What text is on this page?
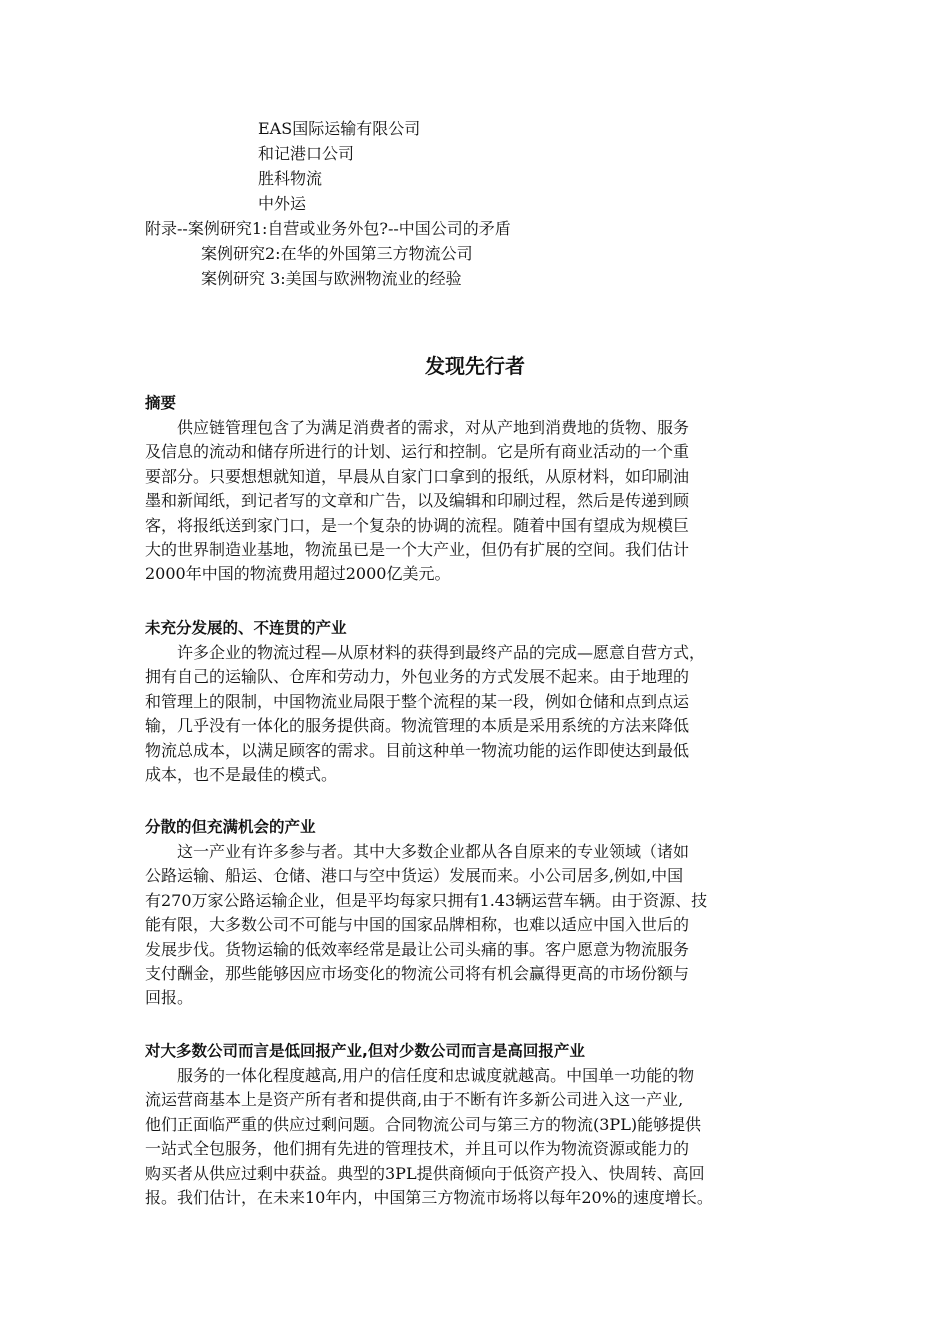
EAS国际运输有限公司
和记港口公司
胜科物流
中外运
附录--案例研究1:自营或业务外包?--中国公司的矛盾
案例研究2:在华的外国第三方物流公司
案例研究 3:美国与欧洲物流业的经验
发现先行者
摘要
供应链管理包含了为满足消费者的需求，对从产地到消费地的货物、服务
及信息的流动和储存所进行的计划、运行和控制。它是所有商业活动的一个重
要部分。只要想想就知道，早晨从自家门口拿到的报纸，从原材料，如印刷油
墨和新闻纸，到记者写的文章和广告，以及编辑和印刷过程，然后是传递到顾
客，将报纸送到家门口，是一个复杂的协调的流程。随着中国有望成为规模巨
大的世界制造业基地，物流虽已是一个大产业，但仍有扩展的空间。我们估计
2000年中国的物流费用超过2000亿美元。
未充分发展的、不连贯的产业
许多企业的物流过程—从原材料的获得到最终产品的完成—愿意自营方式，
拥有自己的运输队、仓库和劳动力，外包业务的方式发展不起来。由于地理的
和管理上的限制，中国物流业局限于整个流程的某一段，例如仓储和点到点运
输，几乎没有一体化的服务提供商。物流管理的本质是采用系统的方法来降低
物流总成本，以满足顾客的需求。目前这种单一物流功能的运作即使达到最低
成本，也不是最佳的模式。
分散的但充满机会的产业
这一产业有许多参与者。其中大多数企业都从各自原来的专业领域（诸如
公路运输、船运、仓储、港口与空中货运）发展而来。小公司居多,例如,中国
有270万家公路运输企业，但是平均每家只拥有1.43辆运营车辆。由于资源、技
能有限，大多数公司不可能与中国的国家品牌相称，也难以适应中国入世后的
发展步伐。货物运输的低效率经常是最让公司头痛的事。客户愿意为物流服务
支付酬金，那些能够因应市场变化的物流公司将有机会赢得更高的市场份额与
回报。
对大多数公司而言是低回报产业,但对少数公司而言是高回报产业
服务的一体化程度越高,用户的信任度和忠诚度就越高。中国单一功能的物
流运营商基本上是资产所有者和提供商,由于不断有许多新公司进入这一产业,
他们正面临严重的供应过剩问题。合同物流公司与第三方的物流(3PL)能够提供
一站式全包服务，他们拥有先进的管理技术，并且可以作为物流资源或能力的
购买者从供应过剩中获益。典型的3PL提供商倾向于低资产投入、快周转、高回
报。我们估计，在未来10年内，中国第三方物流市场将以每年20%的速度增长。
